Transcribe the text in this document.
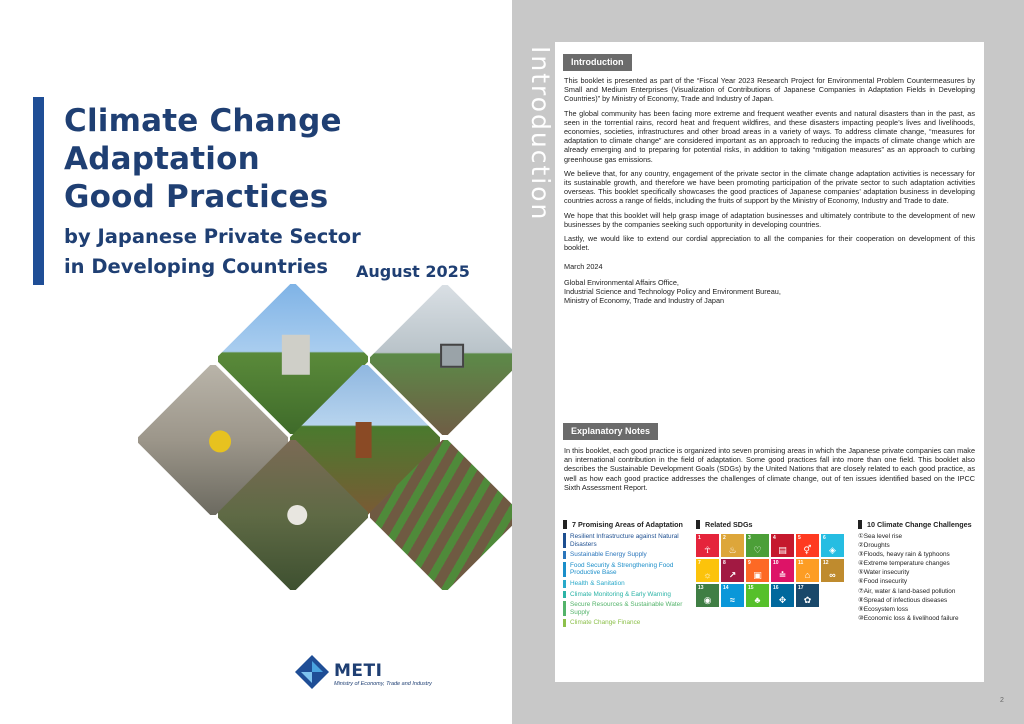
Climate Change
Adaptation
Good Practices
by Japanese Private Sector
in Developing Countries	August 2025
METI
Ministry of Economy, Trade and Industry
Introduction	Introduction

This booklet is presented as part of the “Fiscal Year 2023 Research Project for Environmental Problem Countermeasures by Small and Medium Enterprises (Visualization of Contributions of Japanese Companies in Adaptation Fields in Developing Countries)” by Ministry of Economy, Trade and Industry of Japan.

The global community has been facing more extreme and frequent weather events and natural disasters than in the past, as seen in the torrential rains, record heat and frequent wildfires, and these disasters impacting people’s lives and livelihoods, economies, societies, infrastructures and other broad areas in a variety of ways. To address climate change, “measures for adaptation to climate change” are considered important as an approach to reducing the impacts of climate change which are already emerging and to preparing for potential risks, in addition to taking “mitigation measures” as an approach to curbing greenhouse gas emissions.

We believe that, for any country, engagement of the private sector in the climate change adaptation activities is necessary for its sustainable growth, and therefore we have been promoting participation of the private sector to such adaptation activities overseas. This booklet specifically showcases the good practices of Japanese companies’ adaptation business in developing countries across a range of fields, including the fruits of support by the Ministry of Economy, Industry and Trade to date.

We hope that this booklet will help grasp image of adaptation businesses and ultimately contribute to the development of new businesses by the companies seeking such opportunity in developing countries.

Lastly, we would like to extend our cordial appreciation to all the companies for their cooperation on development of this booklet.

March 2024

Global Environmental Affairs Office,
Industrial Science and Technology Policy and Environment Bureau,
Ministry of Economy, Trade and Industry of Japan
Explanatory Notes

In this booklet, each good practice is organized into seven promising areas in which the Japanese private companies can make an international contribution in the field of adaptation. Some good practices fall into more than one field. This booklet also describes the Sustainable Development Goals (SDGs) by the United Nations that are closely related to each good practice, as well as how each good practice addresses the challenges of climate change, out of ten issues identified based on the IPCC Sixth Assessment Report.

7 Promising Areas of Adaptation	Related SDGs	10 Climate Change Challenges
Resilient Infrastructure against Natural Disasters
Sustainable Energy Supply
Food Security & Strengthening Food Productive Base
Health & Sanitation
Climate Monitoring & Early Warning
Secure Resources & Sustainable Water Supply
Climate Change Finance
1
☥
2
♨
3
♡
4
▤
5
⚥
6
◈
7
☼
8
↗
9
▣
10
≐
11
⌂
12
∞
13
◉
14
≈
15
♣
16
✥
17
✿
①Sea level rise
②Droughts
③Floods, heavy rain & typhoons
④Extreme temperature changes
⑤Water insecurity
⑥Food insecurity
⑦Air, water & land-based pollution
⑧Spread of infectious diseases
⑨Ecosystem loss
⑩Economic loss & livelihood failure
2
